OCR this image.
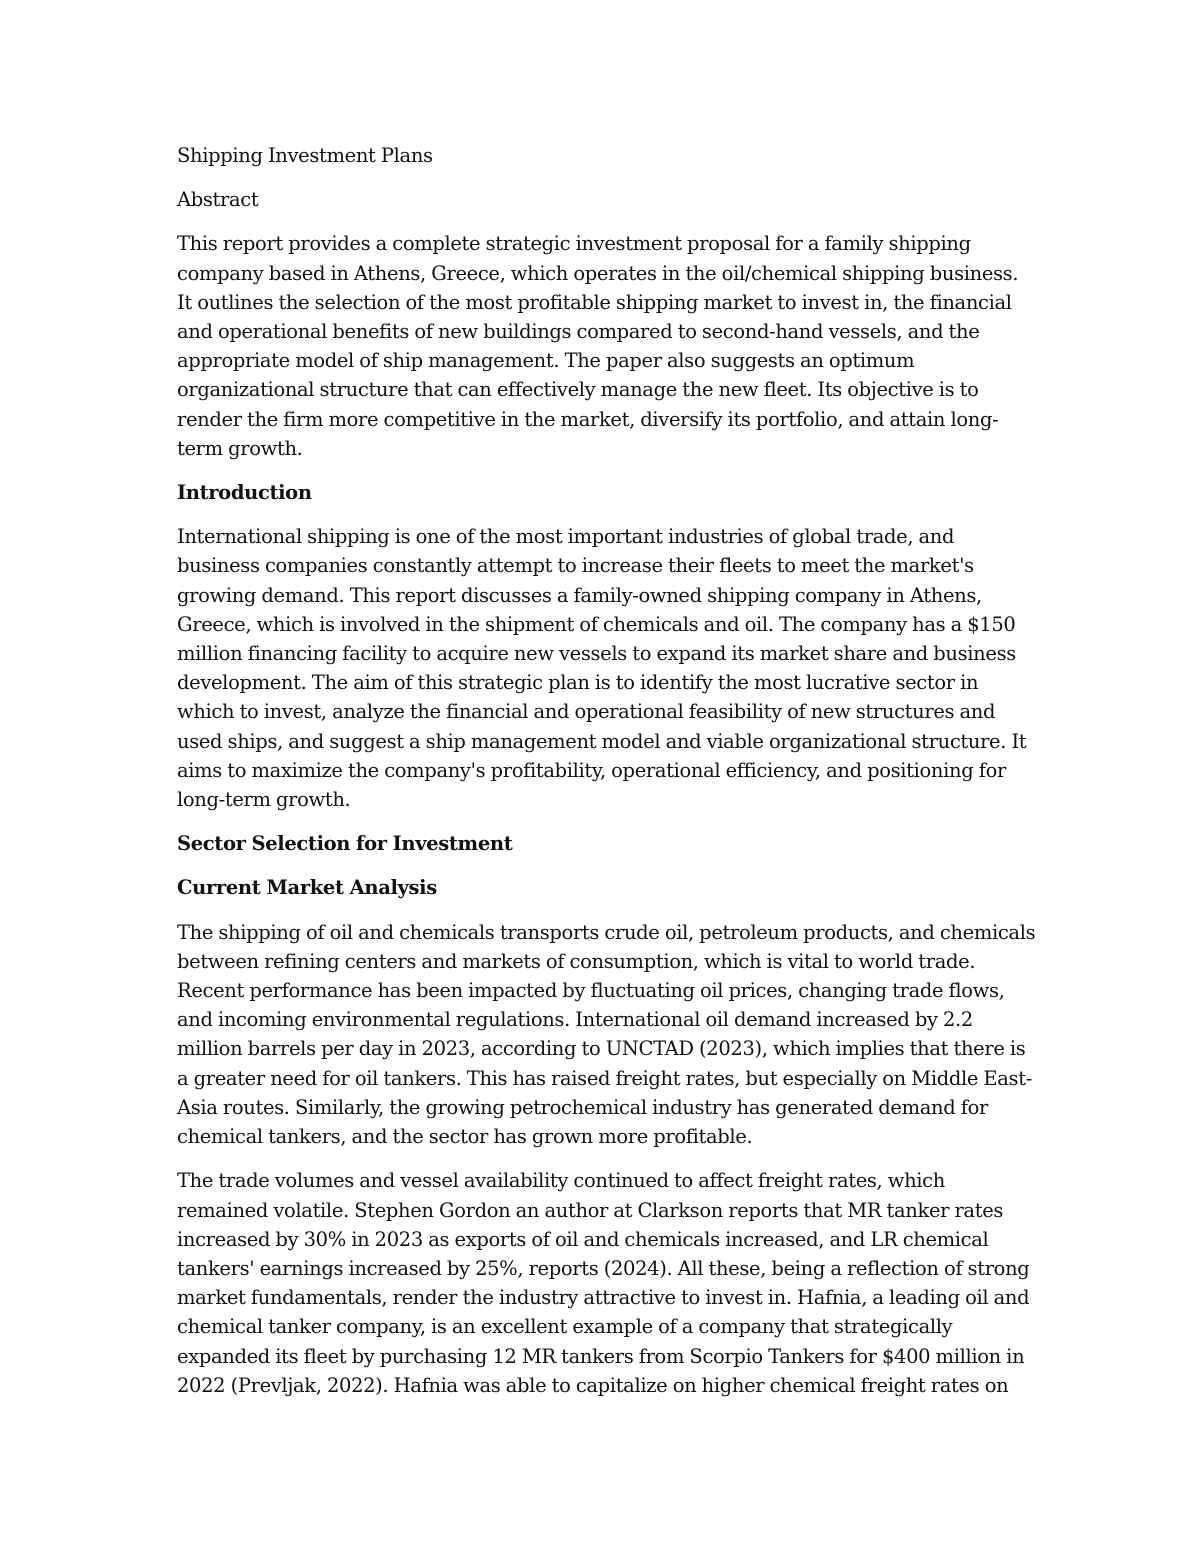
Shipping Investment Plans

Abstract

This report provides a complete strategic investment proposal for a family shipping company based in Athens, Greece, which operates in the oil/chemical shipping business. It outlines the selection of the most profitable shipping market to invest in, the financial and operational benefits of new buildings compared to second-hand vessels, and the appropriate model of ship management. The paper also suggests an optimum organizational structure that can effectively manage the new fleet. Its objective is to render the firm more competitive in the market, diversify its portfolio, and attain long-term growth.

Introduction

International shipping is one of the most important industries of global trade, and business companies constantly attempt to increase their fleets to meet the market's growing demand. This report discusses a family-owned shipping company in Athens, Greece, which is involved in the shipment of chemicals and oil. The company has a $150 million financing facility to acquire new vessels to expand its market share and business development. The aim of this strategic plan is to identify the most lucrative sector in which to invest, analyze the financial and operational feasibility of new structures and used ships, and suggest a ship management model and viable organizational structure. It aims to maximize the company's profitability, operational efficiency, and positioning for long-term growth.

Sector Selection for Investment
Current Market Analysis

The shipping of oil and chemicals transports crude oil, petroleum products, and chemicals between refining centers and markets of consumption, which is vital to world trade. Recent performance has been impacted by fluctuating oil prices, changing trade flows, and incoming environmental regulations. International oil demand increased by 2.2 million barrels per day in 2023, according to UNCTAD (2023), which implies that there is a greater need for oil tankers. This has raised freight rates, but especially on Middle East-Asia routes. Similarly, the growing petrochemical industry has generated demand for chemical tankers, and the sector has grown more profitable.

The trade volumes and vessel availability continued to affect freight rates, which remained volatile. Stephen Gordon an author at Clarkson reports that MR tanker rates increased by 30% in 2023 as exports of oil and chemicals increased, and LR chemical tankers' earnings increased by 25%, reports (2024). All these, being a reflection of strong market fundamentals, render the industry attractive to invest in. Hafnia, a leading oil and chemical tanker company, is an excellent example of a company that strategically expanded its fleet by purchasing 12 MR tankers from Scorpio Tankers for $400 million in 2022 (Prevljak, 2022). Hafnia was able to capitalize on higher chemical freight rates on
